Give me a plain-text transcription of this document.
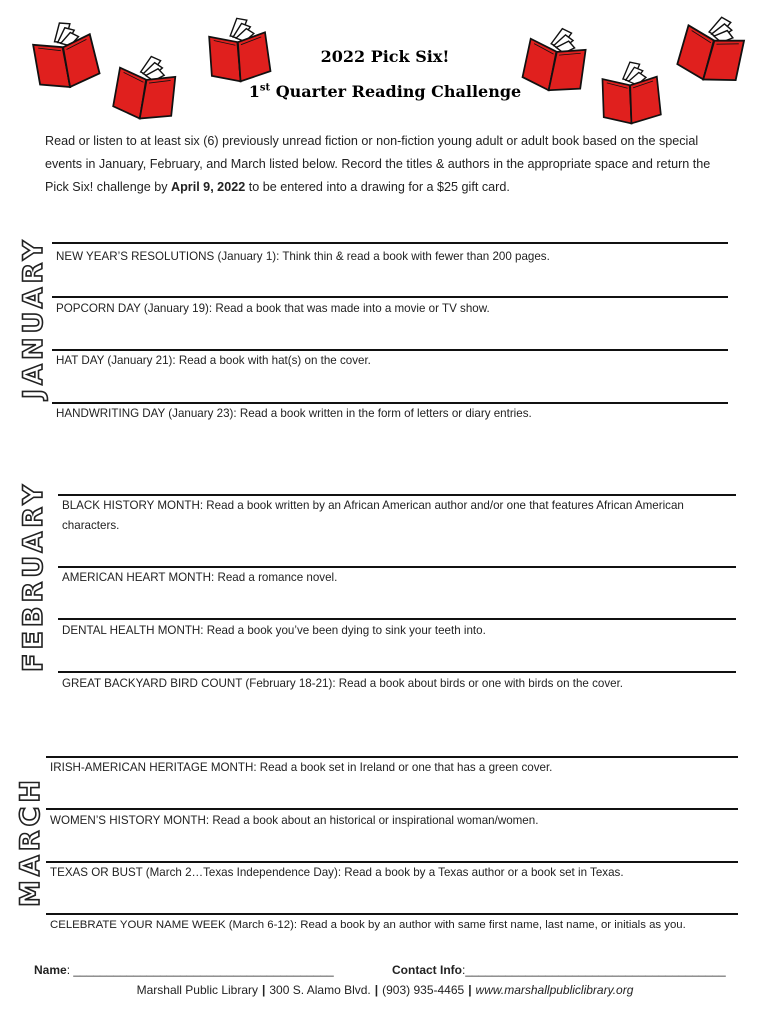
2022 Pick Six!
1st Quarter Reading Challenge
Read or listen to at least six (6) previously unread fiction or non-fiction young adult or adult book based on the special events in January, February, and March listed below. Record the titles & authors in the appropriate space and return the Pick Six! challenge by April 9, 2022 to be entered into a drawing for a $25 gift card.
JANUARY NEW YEAR’S RESOLUTIONS (January 1): Think thin & read a book with fewer than 200 pages.
POPCORN DAY (January 19): Read a book that was made into a movie or TV show.
HAT DAY (January 21): Read a book with hat(s) on the cover.
HANDWRITING DAY (January 23): Read a book written in the form of letters or diary entries.
FEBRUARY BLACK HISTORY MONTH: Read a book written by an African American author and/or one that features African American characters.
AMERICAN HEART MONTH: Read a romance novel.
DENTAL HEALTH MONTH: Read a book you’ve been dying to sink your teeth into.
GREAT BACKYARD BIRD COUNT (February 18-21): Read a book about birds or one with birds on the cover.
MARCH
IRISH-AMERICAN HERITAGE MONTH: Read a book set in Ireland or one that has a green cover.
WOMEN’S HISTORY MONTH: Read a book about an historical or inspirational woman/women.
TEXAS OR BUST (March 2…Texas Independence Day): Read a book by a Texas author or a book set in Texas.
CELEBRATE YOUR NAME WEEK (March 6-12): Read a book by an author with same first name, last name, or initials as you.
Name: _______________________________________	Contact Info:_______________________________________
Marshall Public Library | 300 S. Alamo Blvd. | (903) 935-4465 | www.marshallpubliclibrary.org
